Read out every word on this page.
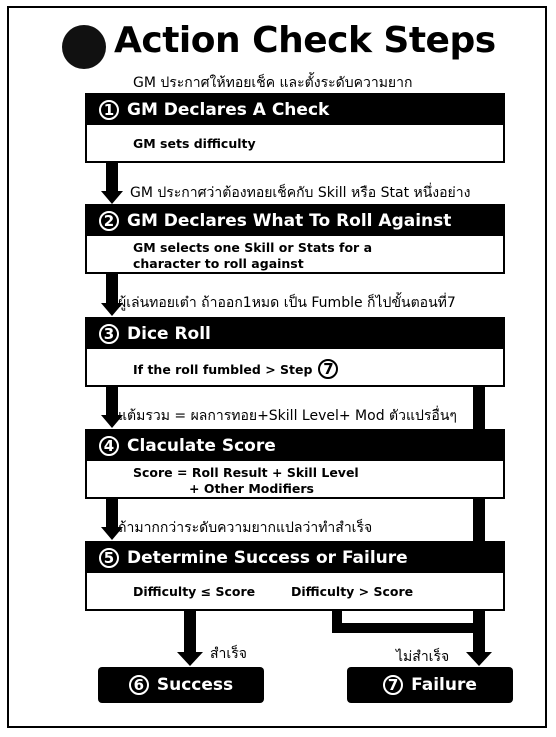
Action Check Steps
GM ประกาศให้ทอยเช็ค และตั้งระดับความยาก
1 GM Declares A Check
GM sets difficulty
GM ประกาศว่าต้องทอยเช็คกับ Skill หรือ Stat หนึ่งอย่าง
2 GM Declares What To Roll Against
GM selects one Skill or Stats for a
character to roll against
ผู้เล่นทอยเต๋า ถ้าออก1หมด เป็น Fumble ก็ไปขั้นตอนที่7
3 Dice Roll
If the roll fumbled > Step 7
แต้มรวม = ผลการทอย+Skill Level+ Mod ตัวแปรอื่นๆ
4 Claculate Score
Score = Roll Result + Skill Level
+ Other Modifiers
ถ้ามากกว่าระดับความยากแปลว่าทำสำเร็จ
5 Determine Success or Failure
Difficulty ≤ Score	Difficulty > Score
สำเร็จ	ไม่สำเร็จ
6 Success	7 Failure
